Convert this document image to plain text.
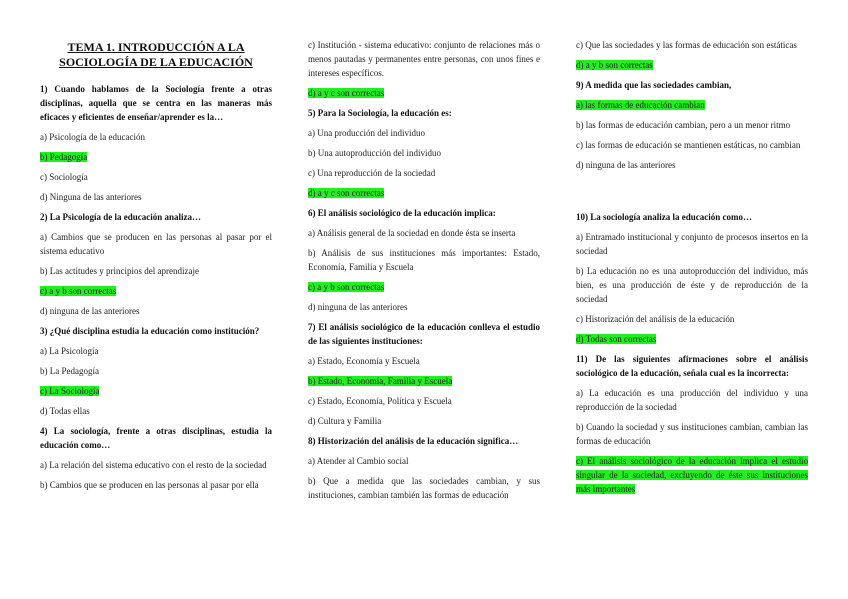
TEMA 1. INTRODUCCIÓN A LA SOCIOLOGÍA DE LA EDUCACIÓN
1) Cuando hablamos de la Sociología frente a otras disciplinas, aquella que se centra en las maneras más eficaces y eficientes de enseñar/aprender es la…
a) Psicología de la educación
b) Pedagogía
c) Sociología
d) Ninguna de las anteriores
2) La Psicología de la educación analiza…
a) Cambios que se producen en las personas al pasar por el sistema educativo
b) Las actitudes y principios del aprendizaje
c) a y b son correctas
d) ninguna de las anteriores
3) ¿Qué disciplina estudia la educación como institución?
a) La Psicología
b) La Pedagogía
c) La Sociología
d) Todas ellas
4) La sociología, frente a otras disciplinas, estudia la educación como…
a) La relación del sistema educativo con el resto de la sociedad
b) Cambios que se producen en las personas al pasar por ella
c) Institución - sistema educativo: conjunto de relaciones más o menos pautadas y permanentes entre personas, con unos fines e intereses específicos.
d) a y c son correctas
5) Para la Sociología, la educación es:
a) Una producción del individuo
b) Una autoproducción del individuo
c) Una reproducción de la sociedad
d) a y c son correctas
6) El análisis sociológico de la educación implica:
a) Análisis general de la sociedad en donde ésta se inserta
b) Análisis de sus instituciones más importantes: Estado, Economía, Familia y Escuela
c) a y b son correctas
d) ninguna de las anteriores
7) El análisis sociológico de la educación conlleva el estudio de las siguientes instituciones:
a) Estado, Economía y Escuela
b) Estado, Economía, Familia y Escuela
c) Estado, Economía, Política y Escuela
d) Cultura y Familia
8) Historización del análisis de la educación significa…
a) Atender al Cambio social
b) Que a medida que las sociedades cambian, y sus instituciones, cambian también las formas de educación
c) Que las sociedades y las formas de educación son estáticas
d) a y b son correctas
9) A medida que las sociedades cambian,
a) las formas de educación cambian
b) las formas de educación cambian, pero a un menor ritmo
c) las formas de educación se mantienen estáticas, no cambian
d) ninguna de las anteriores
10) La sociología analiza la educación como…
a) Entramado institucional y conjunto de procesos insertos en la sociedad
b) La educación no es una autoproducción del individuo, más bien, es una producción de éste y de reproducción de la sociedad
c) Historización del análisis de la educación
d) Todas son correctas
11) De las siguientes afirmaciones sobre el análisis sociológico de la educación, señala cual es la incorrecta:
a) La educación es una producción del individuo y una reproducción de la sociedad
b) Cuando la sociedad y sus instituciones cambian, cambian las formas de educación
c) El análisis sociológico de la educación implica el estudio singular de la sociedad, excluyendo de éste sus instituciones más importantes
